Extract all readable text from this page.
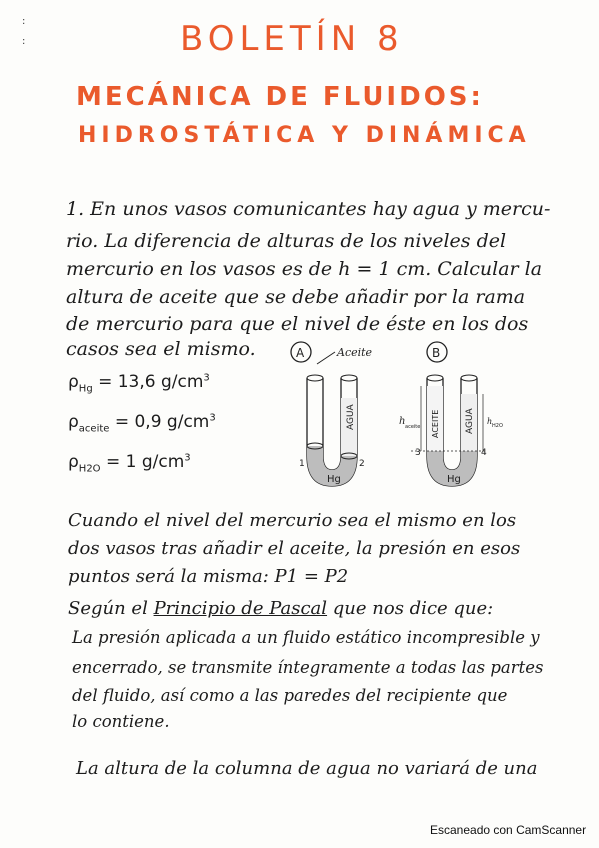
:
:	BOLETÍN 8
MECÁNICA DE FLUIDOS:
HIDROSTÁTICA Y DINÁMICA
1. En unos vasos comunicantes hay agua y mercu-
rio. La diferencia de alturas de los niveles del
mercurio en los vasos es de h = 1 cm. Calcular la
altura de aceite que se debe añadir por la rama
de mercurio para que el nivel de éste en los dos
casos sea el mismo.
$\rho_{Hg} = 13,6$ $g/cm^3$
$\rho_{aceite} = 0,9$ $g/cm^3$
$\rho_{H2O} = 1$ $g/cm^3$
A	Aceite
AGUA
Hg
1	2
B
ACEITE	AGUA
Hg
h aceite
h H2O
3	4
Cuando el nivel del mercurio sea el mismo en los
dos vasos tras añadir el aceite, la presión en esos
puntos será la misma: P1 = P2
Según el Principio de Pascal que nos dice que:
La presión aplicada a un fluido estático incompresible y
encerrado, se transmite íntegramente a todas las partes
del fluido, así como a las paredes del recipiente que
lo contiene.
La altura de la columna de agua no variará de una
Escaneado con CamScanner
